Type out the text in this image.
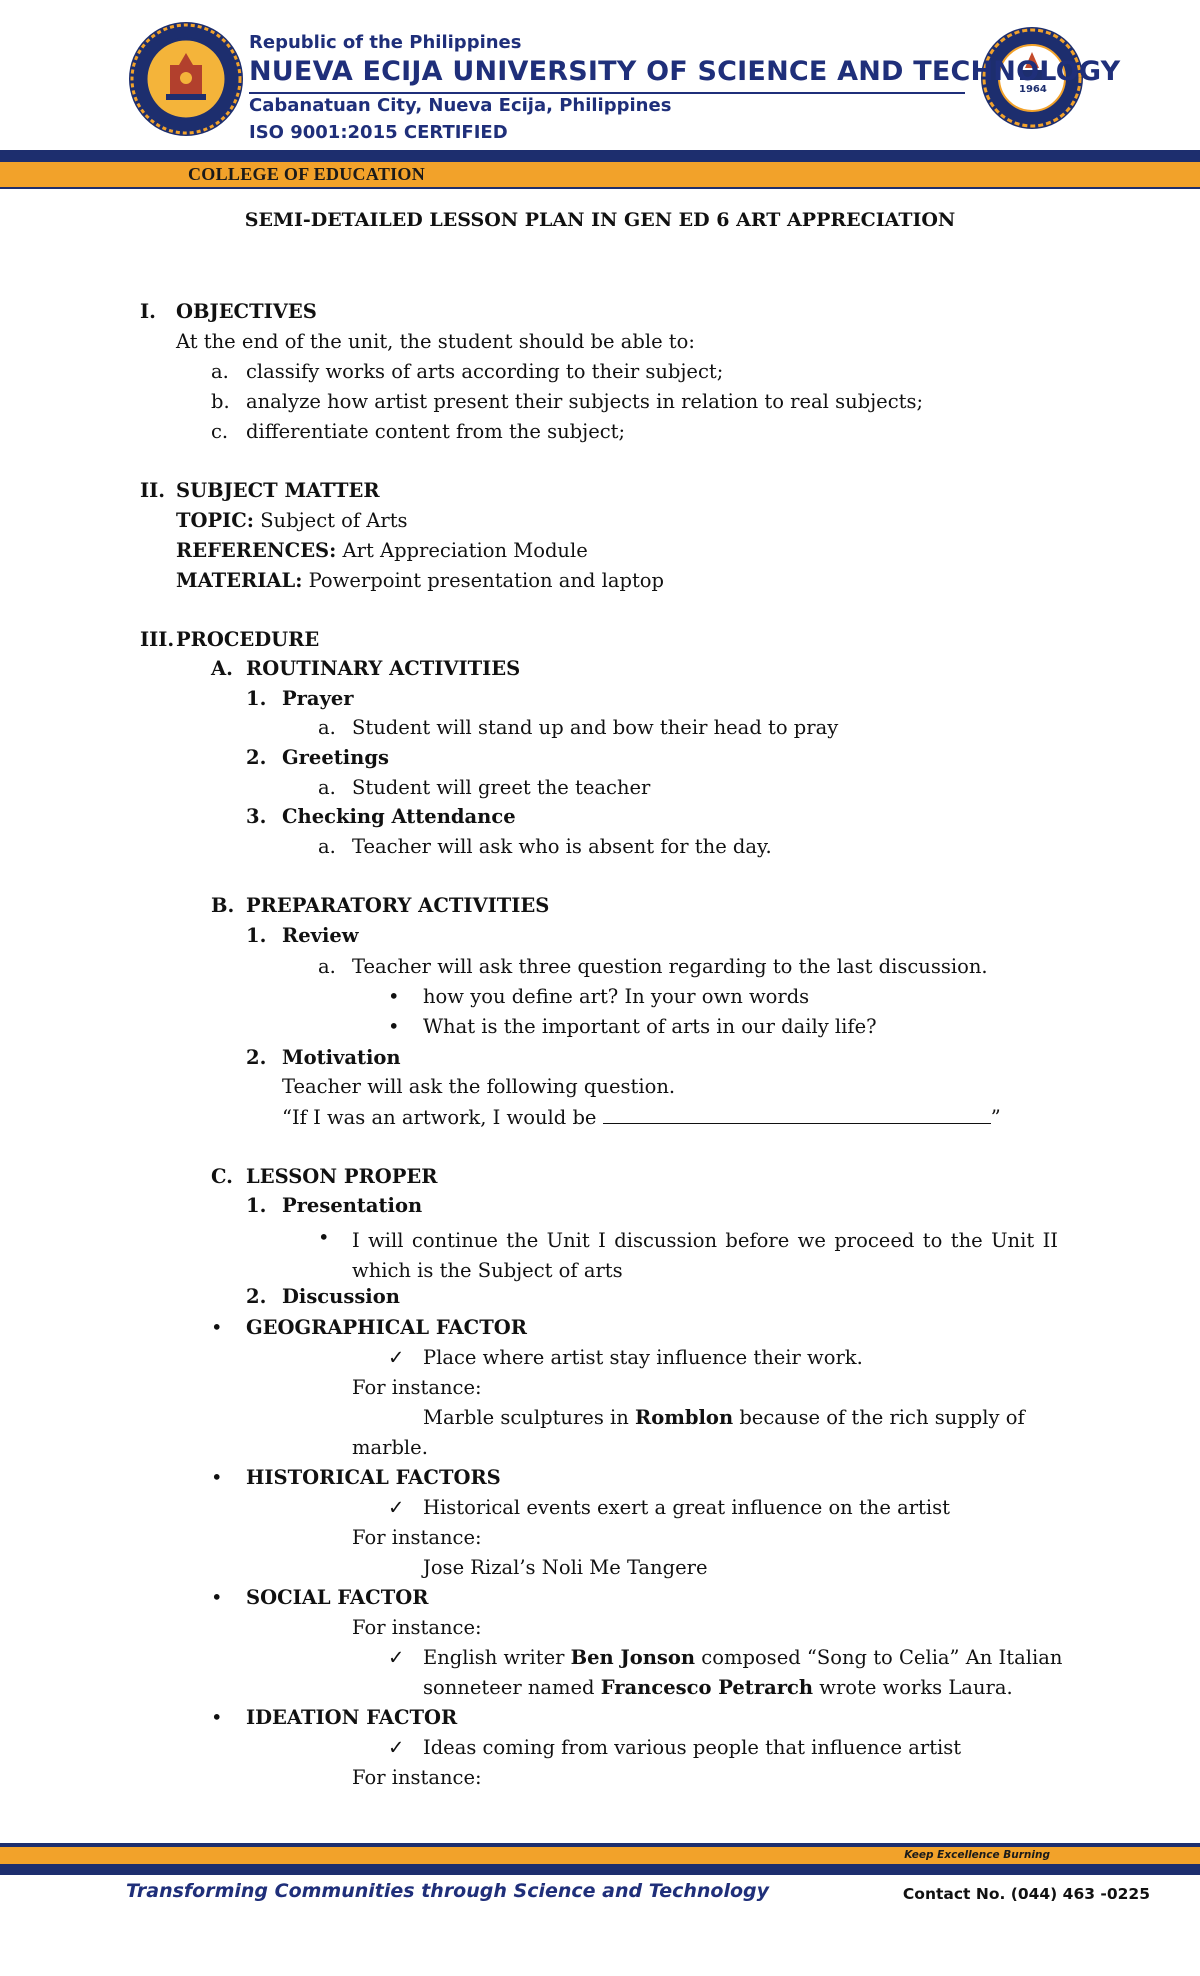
1964
Republic of the Philippines
NUEVA ECIJA UNIVERSITY OF SCIENCE AND TECHNOLOGY
Cabanatuan City, Nueva Ecija, Philippines
ISO 9001:2015 CERTIFIED
COLLEGE OF EDUCATION
SEMI-DETAILED LESSON PLAN IN GEN ED 6 ART APPRECIATION
I. OBJECTIVES
At the end of the unit, the student should be able to:
a. classify works of arts according to their subject;
b. analyze how artist present their subjects in relation to real subjects;
c. differentiate content from the subject;
II. SUBJECT MATTER
TOPIC: Subject of Arts
REFERENCES: Art Appreciation Module
MATERIAL: Powerpoint presentation and laptop
III. PROCEDURE
A. ROUTINARY ACTIVITIES
1. Prayer
a. Student will stand up and bow their head to pray
2. Greetings
a. Student will greet the teacher
3. Checking Attendance
a. Teacher will ask who is absent for the day.
B. PREPARATORY ACTIVITIES
1. Review
a. Teacher will ask three question regarding to the last discussion.
• how you define art? In your own words
• What is the important of arts in our daily life?
2. Motivation
Teacher will ask the following question.
“If I was an artwork, I would be	”
C. LESSON PROPER
1. Presentation
• I will continue the Unit I discussion before we proceed to the Unit II which is the Subject of arts
2. Discussion
• GEOGRAPHICAL FACTOR
✓ Place where artist stay influence their work.
For instance:
Marble sculptures in Romblon because of the rich supply of
marble.
• HISTORICAL FACTORS
✓ Historical events exert a great influence on the artist
For instance:
Jose Rizal’s Noli Me Tangere
• SOCIAL FACTOR
For instance:
✓ English writer Ben Jonson composed “Song to Celia” An Italian
sonneteer named Francesco Petrarch wrote works Laura.
• IDEATION FACTOR
✓ Ideas coming from various people that influence artist
For instance:
Keep Excellence Burning
Transforming Communities through Science and Technology	Contact No. (044) 463 -0225
